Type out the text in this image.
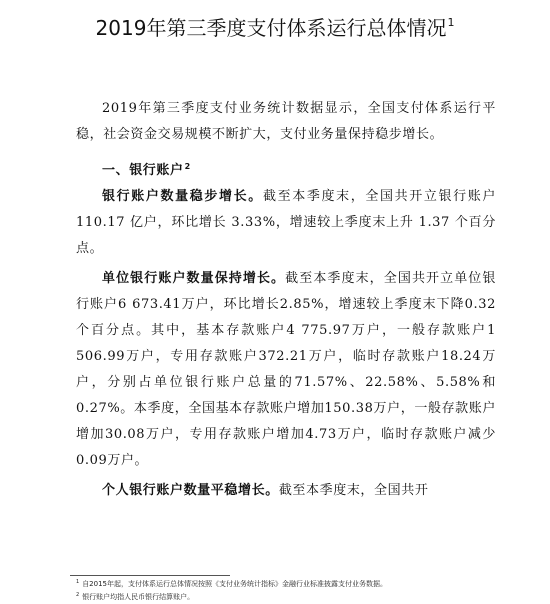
2019年第三季度支付体系运行总体情况$^1$

2019年第三季度支付业务统计数据显示，全国支付体系运行平稳，社会资金交易规模不断扩大，支付业务量保持稳步增长。

一、银行账户$^2$

银行账户数量稳步增长。截至本季度末，全国共开立银行账户 110.17 亿户，环比增长 3.33%，增速较上季度末上升 1.37 个百分点。

单位银行账户数量保持增长。截至本季度末，全国共开立单位银行账户6 673.41万户，环比增长2.85%，增速较上季度末下降0.32个百分点。其中，基本存款账户4 775.97万户，一般存款账户1 506.99万户，专用存款账户372.21万户，临时存款账户18.24万户，分别占单位银行账户总量的71.57%、22.58%、5.58%和0.27%。本季度，全国基本存款账户增加150.38万户，一般存款账户增加30.08万户，专用存款账户增加4.73万户，临时存款账户减少0.09万户。

个人银行账户数量平稳增长。截至本季度末，全国共开

$^1$ 自2015年起，支付体系运行总体情况按照《支付业务统计指标》金融行业标准披露支付业务数据。
$^2$ 银行账户均指人民币银行结算账户。
